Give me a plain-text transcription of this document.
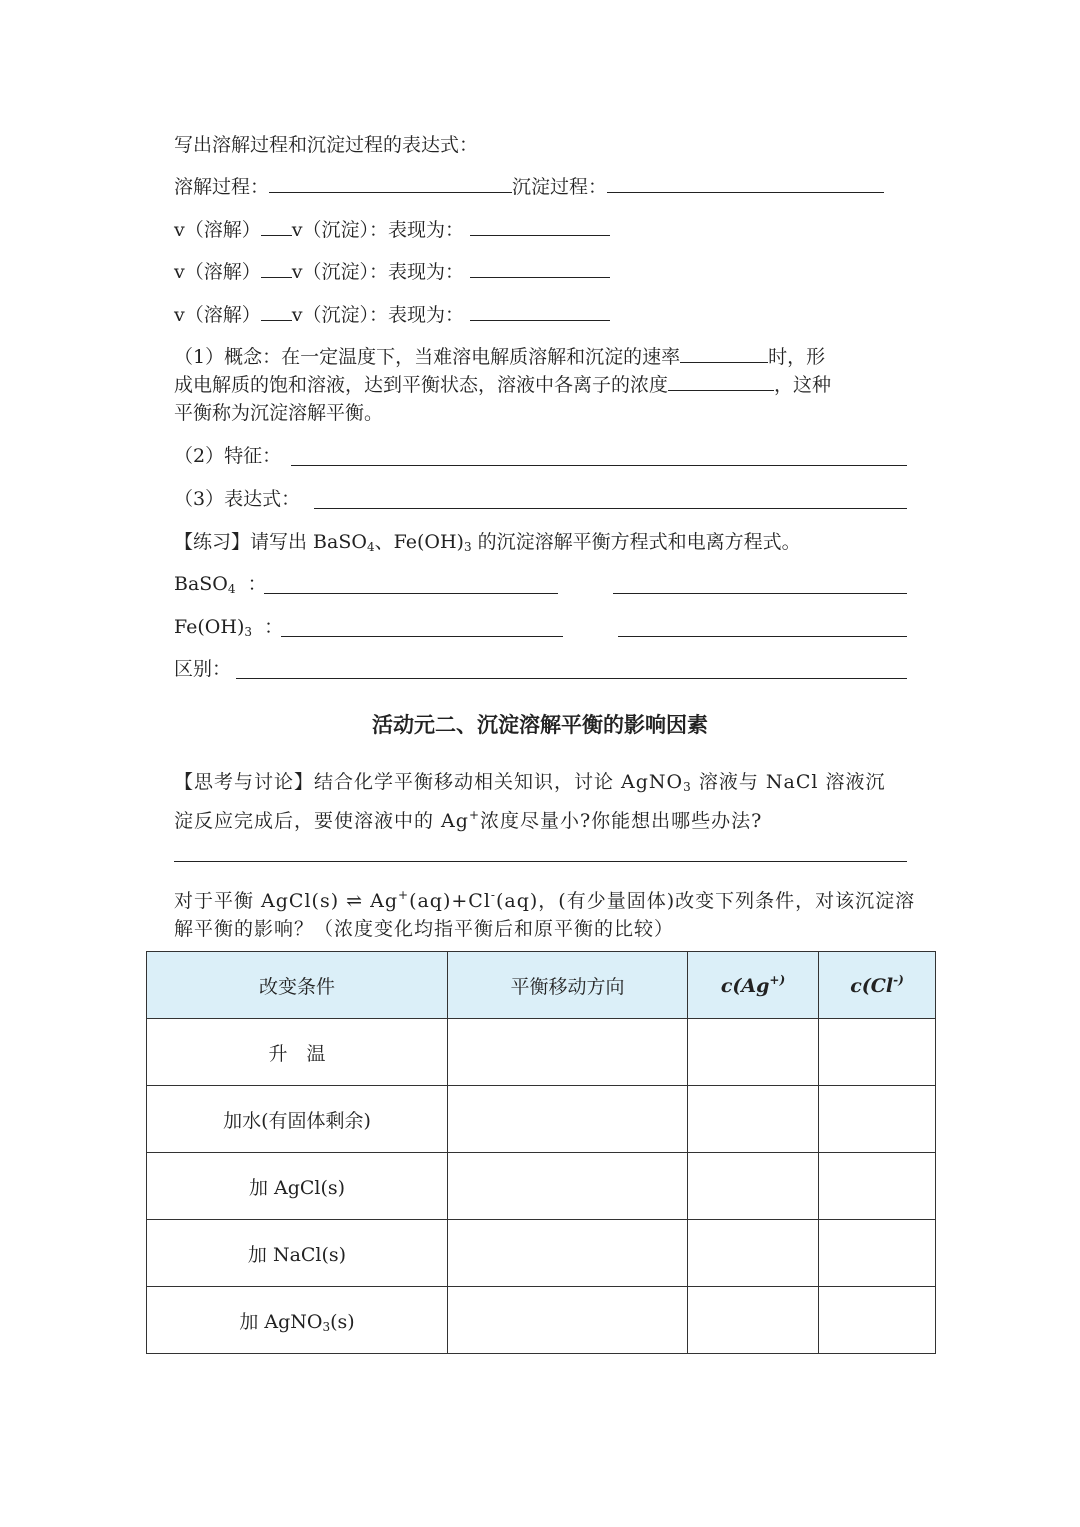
写出溶解过程和沉淀过程的表达式：
溶解过程：	沉淀过程：
v（溶解） v（沉淀）：表现为：
v（溶解） v（沉淀）：表现为：
v（溶解） v（沉淀）：表现为：
（1）概念：在一定温度下，当难溶电解质溶解和沉淀的速率	时，形
成电解质的饱和溶液，达到平衡状态，溶液中各离子的浓度	，这种
平衡称为沉淀溶解平衡。
（2）特征：
（3）表达式：
【练习】请写出 BaSO$_4$、$Fe(OH)_3$ 的沉淀溶解平衡方程式和电离方程式。
BaSO$_4$  ：
$Fe(OH)_3$  ：
区别：
活动元二、沉淀溶解平衡的影响因素
【思考与讨论】结合化学平衡移动相关知识，讨论 AgNO$_3$ 溶液与 NaCl 溶液沉
淀反应完成后，要使溶液中的 Ag+浓度尽量小?你能想出哪些办法?
对于平衡 AgCl(s) ⇌ Ag+(aq)+Cl-(aq)，(有少量固体)改变下列条件，对该沉淀溶
解平衡的影响？（浓度变化均指平衡后和原平衡的比较）
改变条件	平衡移动方向	c(Ag+)	c(Cl-)
升　温			
加水(有固体剩余)			
加 AgCl(s)			
加 NaCl(s)			
加 AgNO$_3$(s)			
